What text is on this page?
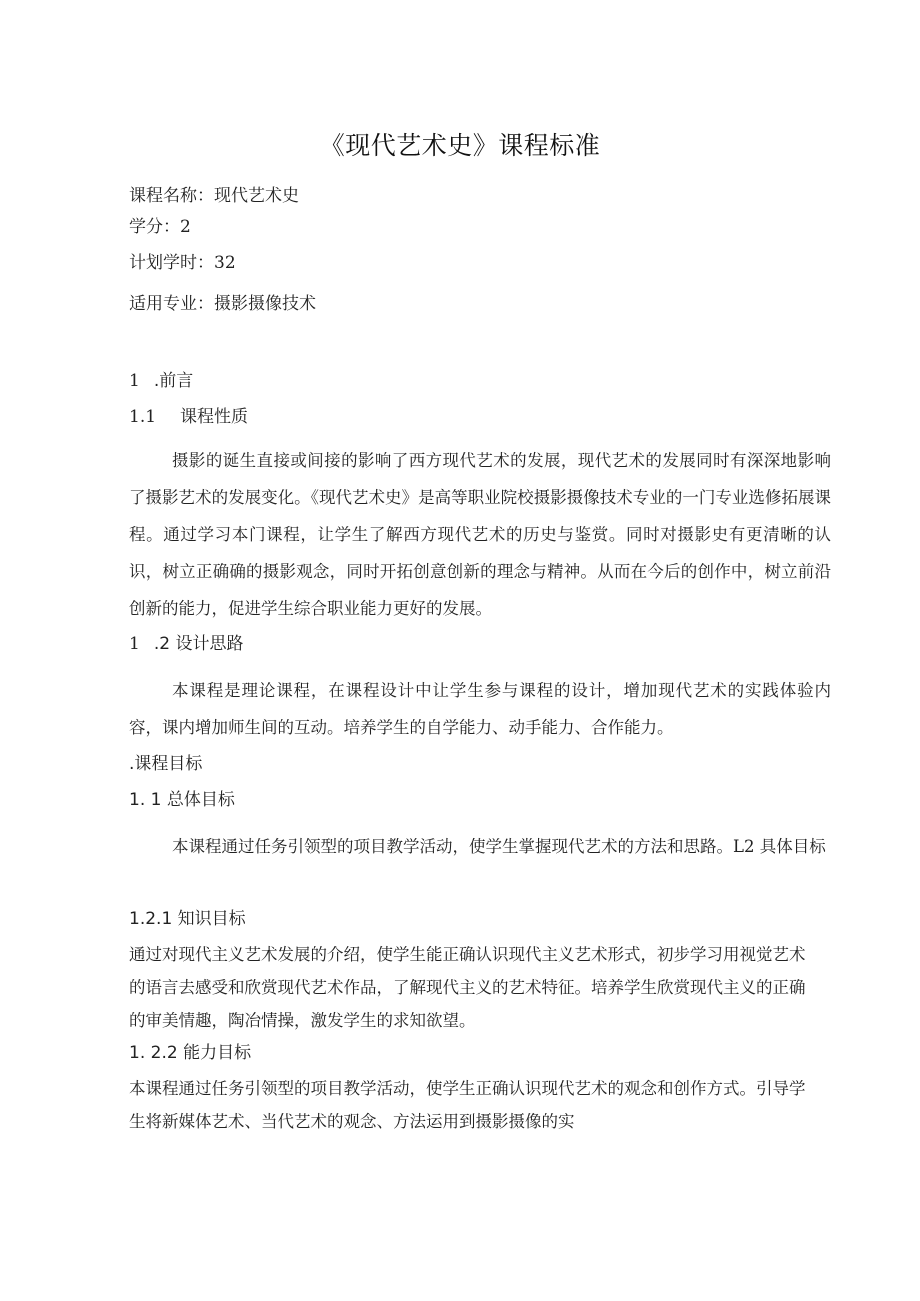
《现代艺术史》课程标准
课程名称：现代艺术史
学分：2
计划学时：32
适用专业：摄影摄像技术
1 .前言
1.1 课程性质
摄影的诞生直接或间接的影响了西方现代艺术的发展，现代艺术的发展同时有深深地影响了摄影艺术的发展变化。《现代艺术史》是高等职业院校摄影摄像技术专业的一门专业选修拓展课程。通过学习本门课程，让学生了解西方现代艺术的历史与鉴赏。同时对摄影史有更清晰的认识，树立正确确的摄影观念，同时开拓创意创新的理念与精神。从而在今后的创作中，树立前沿创新的能力，促进学生综合职业能力更好的发展。
1 .2 设计思路
本课程是理论课程，在课程设计中让学生参与课程的设计，增加现代艺术的实践体验内容，课内增加师生间的互动。培养学生的自学能力、动手能力、合作能力。
.课程目标
1. 1 总体目标
本课程通过任务引领型的项目教学活动，使学生掌握现代艺术的方法和思路。L2 具体目标
1.2.1 知识目标
通过对现代主义艺术发展的介绍，使学生能正确认识现代主义艺术形式，初步学习用视觉艺术的语言去感受和欣赏现代艺术作品，了解现代主义的艺术特征。培养学生欣赏现代主义的正确的审美情趣，陶冶情操，激发学生的求知欲望。
1. 2.2 能力目标
本课程通过任务引领型的项目教学活动，使学生正确认识现代艺术的观念和创作方式。引导学生将新媒体艺术、当代艺术的观念、方法运用到摄影摄像的实
